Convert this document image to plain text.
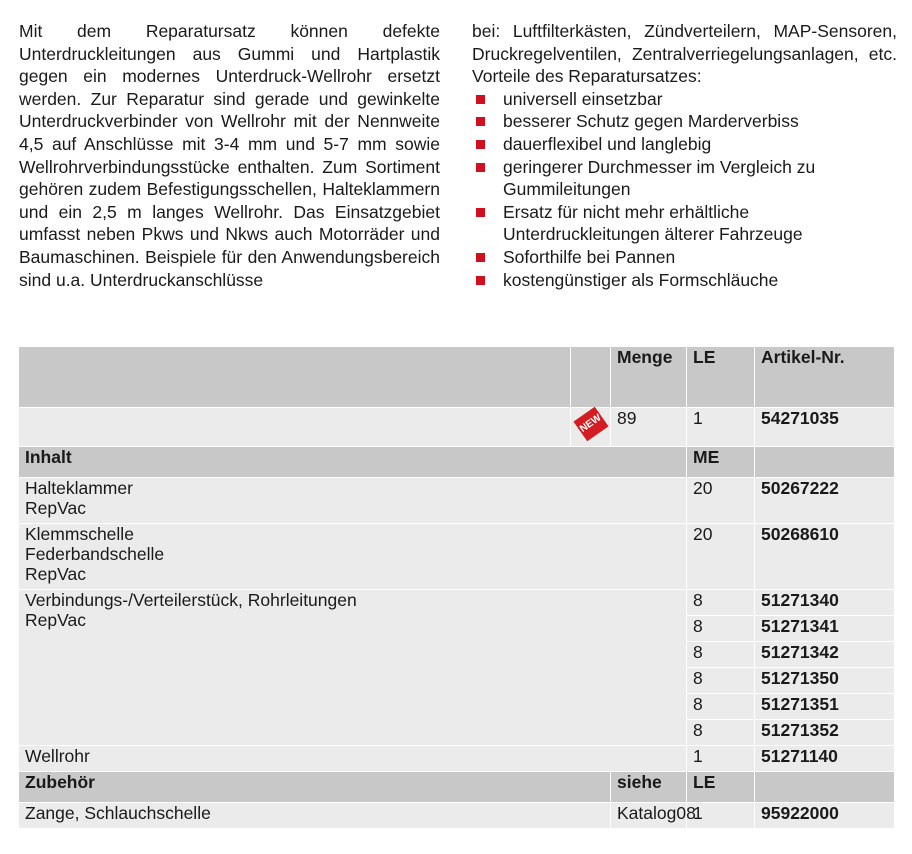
Mit dem Reparatursatz können defekte Unterdruckleitungen aus Gummi und Hartplastik gegen ein modernes Unterdruck-Wellrohr ersetzt werden. Zur Reparatur sind gerade und gewinkelte Unterdruckverbinder von Wellrohr mit der Nennweite 4,5 auf Anschlüsse mit 3-4 mm und 5-7 mm sowie Wellrohrverbindungsstücke enthalten. Zum Sortiment gehören zudem Befestigungsschellen, Halteklammern und ein 2,5 m langes Wellrohr. Das Einsatzgebiet umfasst neben Pkws und Nkws auch Motorräder und Baumaschinen. Beispiele für den Anwendungsbereich sind u.a. Unterdruckanschlüsse
bei: Luftfilterkästen, Zündverteilern, MAP-Sensoren, Druckregelventilen, Zentralverriegelungsanlagen, etc. Vorteile des Reparatursatzes:
universell einsetzbar
besserer Schutz gegen Marderverbiss
dauerflexibel und langlebig
geringerer Durchmesser im Vergleich zu Gummileitungen
Ersatz für nicht mehr erhältliche Unterdruckleitungen älterer Fahrzeuge
Soforthilfe bei Pannen
kostengünstiger als Formschläuche
		Menge	LE	Artikel-Nr.
	NEW	89	1	54271035
Inhalt			ME	
Halteklammer
RepVac			20	50267222
Klemmschelle
Federbandschelle
RepVac			20	50268610
Verbindungs-/Verteilerstück, Rohrleitungen
RepVac			8	51271340
			8	51271341
			8	51271342
			8	51271350
			8	51271351
			8	51271352
Wellrohr			1	51271140
Zubehör		siehe	LE	
Zange, Schlauchschelle		Katalog08	1	95922000
